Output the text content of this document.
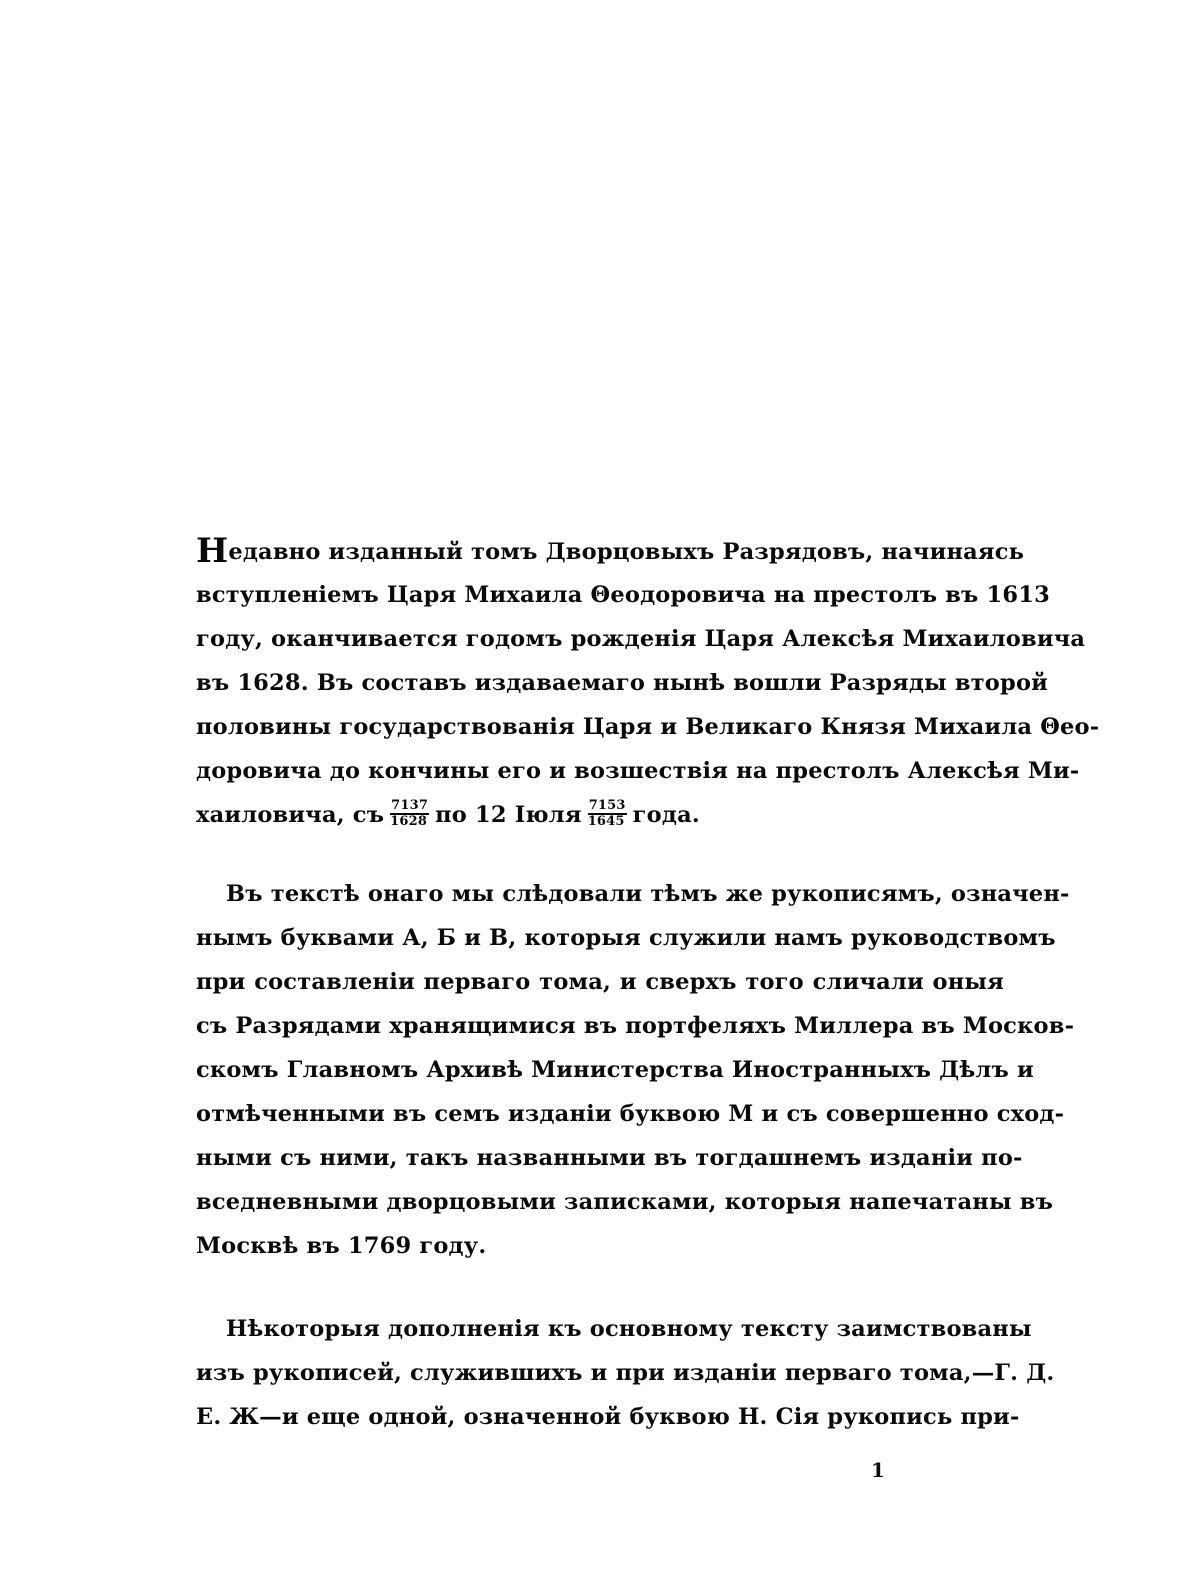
Недавно изданный томъ Дворцовыхъ Разрядовъ, начинаясь
вступленіемъ Царя Михаила Θеодоровича на престолъ въ 1613
году, оканчивается годомъ рожденія Царя Алексѣя Михаиловича
въ 1628. Въ составъ издаваемаго нынѣ вошли Разряды второй
половины государствованія Царя и Великаго Князя Михаила Θео-
доровича до кончины его и возшествія на престолъ Алексѣя Ми-
хаиловича, съ $\frac{7137}{1628}$ по 12 Іюля $\frac{7153}{1645}$ года.
Въ текстѣ онаго мы слѣдовали тѣмъ же рукописямъ, означен-
нымъ буквами А, Б и В, которыя служили намъ руководствомъ
при составленіи перваго тома, и сверхъ того сличали оныя
съ Разрядами хранящимися въ портфеляхъ Миллера въ Москов-
скомъ Главномъ Архивѣ Министерства Иностранныхъ Дѣлъ и
отмѣченными въ семъ изданіи буквою М и съ совершенно сход-
ными съ ними, такъ названными въ тогдашнемъ изданіи по-
вседневными дворцовыми записками, которыя напечатаны въ
Москвѣ въ 1769 году.
Нѣкоторыя дополненія къ основному тексту заимствованы
изъ рукописей, служившихъ и при изданіи перваго тома,—Г. Д.
Е. Ж—и еще одной, означенной буквою Н. Сія рукопись при-
1
